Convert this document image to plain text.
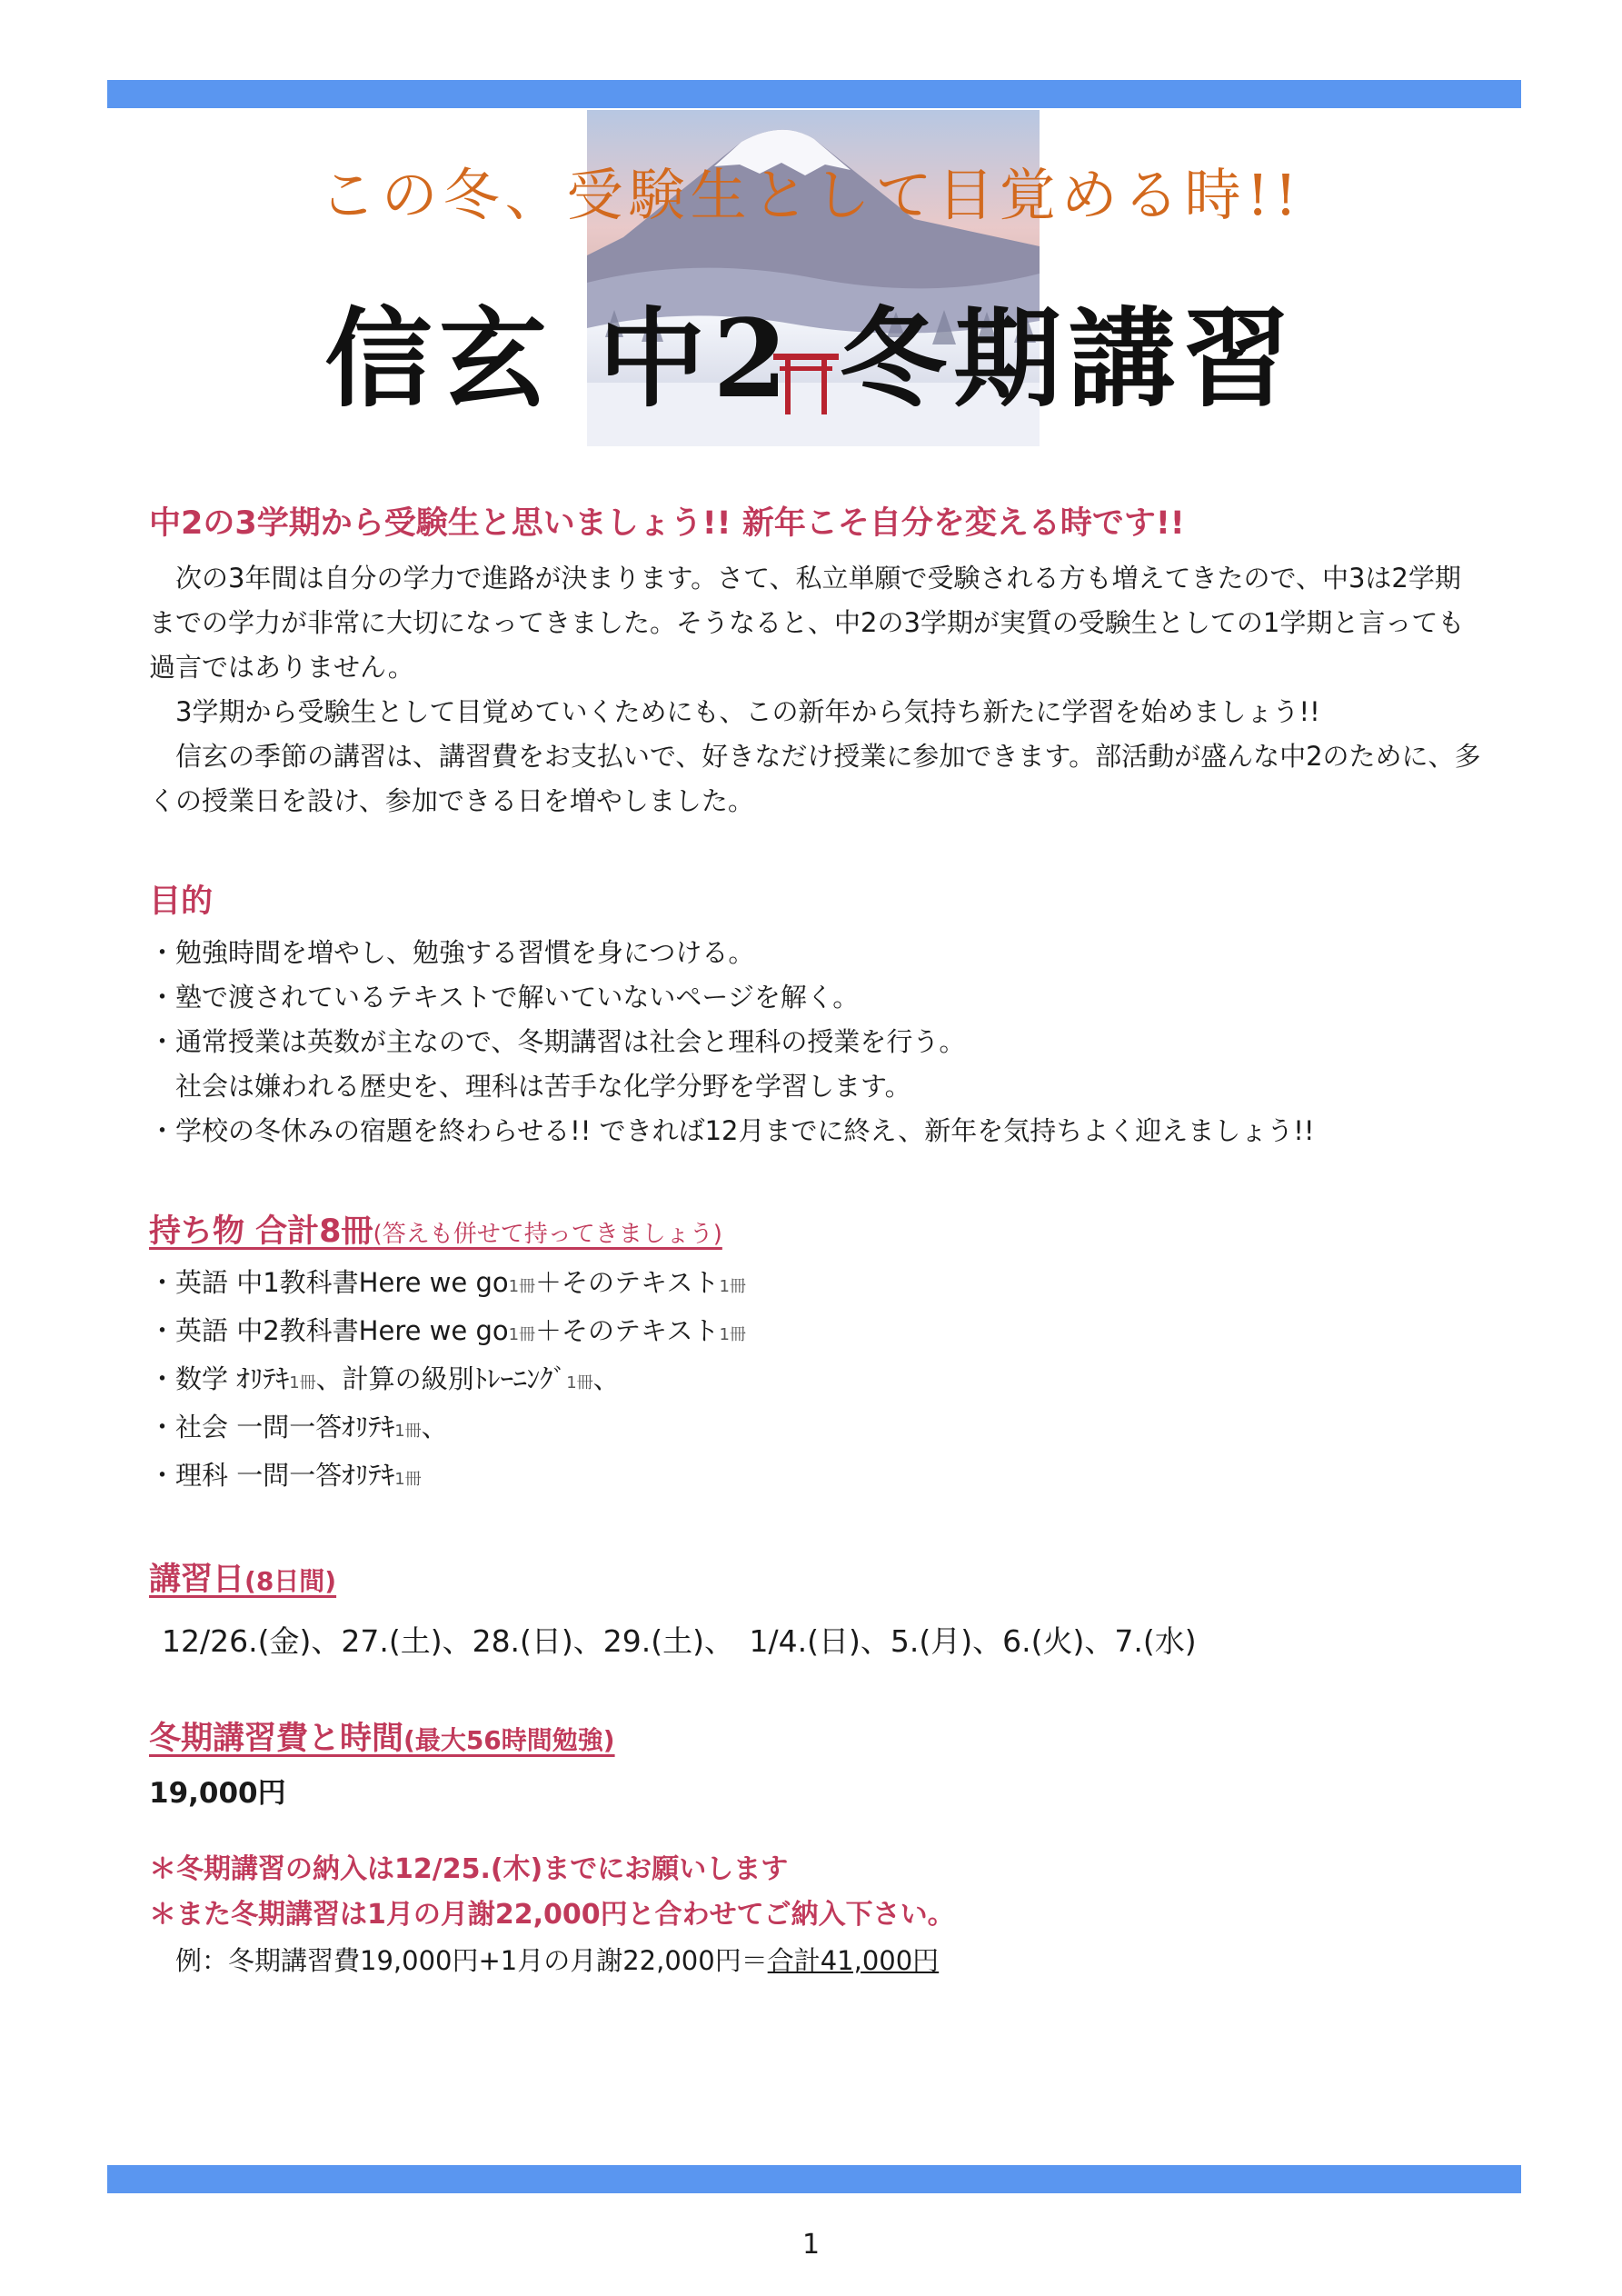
この冬、受験生として目覚める時!!
信玄 中2 冬期講習
中2の3学期から受験生と思いましょう!! 新年こそ自分を変える時です!!

次の3年間は自分の学力で進路が決まります。さて、私立単願で受験される方も増えてきたので、中3は2学期までの学力が非常に大切になってきました。そうなると、中2の3学期が実質の受験生としての1学期と言っても過言ではありません。

3学期から受験生として目覚めていくためにも、この新年から気持ち新たに学習を始めましょう!!

信玄の季節の講習は、講習費をお支払いで、好きなだけ授業に参加できます。部活動が盛んな中2のために、多くの授業日を設け、参加できる日を増やしました。

目的

・勉強時間を増やし、勉強する習慣を身につける。

・塾で渡されているテキストで解いていないページを解く。

・通常授業は英数が主なので、冬期講習は社会と理科の授業を行う。

社会は嫌われる歴史を、理科は苦手な化学分野を学習します。

・学校の冬休みの宿題を終わらせる!! できれば12月までに終え、新年を気持ちよく迎えましょう!!

持ち物 合計8冊(答えも併せて持ってきましょう)

・英語 中1教科書Here we go1冊＋そのテキスト1冊

・英語 中2教科書Here we go1冊＋そのテキスト1冊

・数学 ｵﾘﾃｷ1冊、計算の級別ﾄﾚｰﾆﾝｸﾞ1冊、

・社会 一問一答ｵﾘﾃｷ1冊、

・理科 一問一答ｵﾘﾃｷ1冊

講習日(8日間)
12/26.(金)、27.(土)、28.(日)、29.(土)、　1/4.(日)、5.(月)、6.(火)、7.(水)
冬期講習費と時間(最大56時間勉強)
19,000円

＊冬期講習の納入は12/25.(木)までにお願いします

＊また冬期講習は1月の月謝22,000円と合わせてご納入下さい。

例：冬期講習費19,000円+1月の月謝22,000円＝合計41,000円

1
